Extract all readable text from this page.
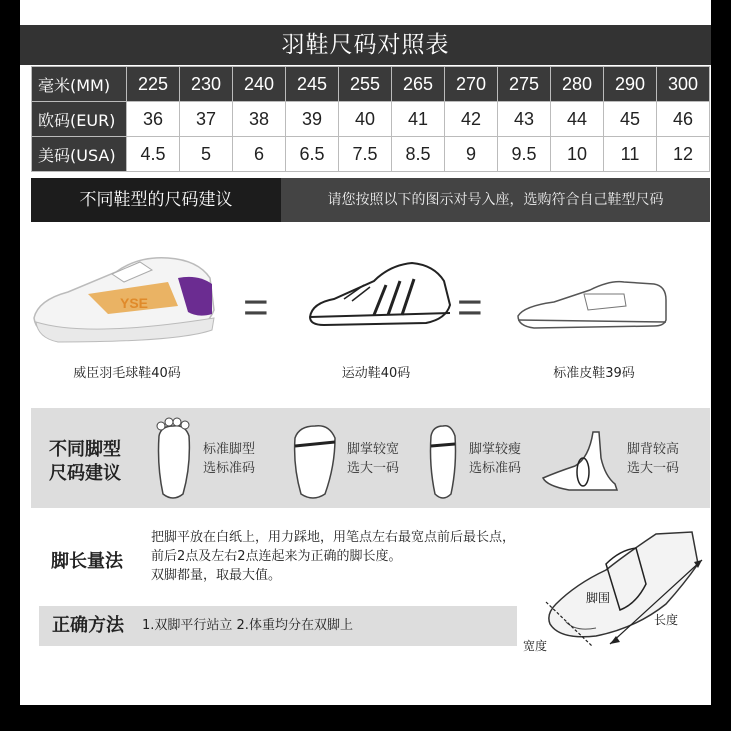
羽鞋尺码对照表
毫米(MM)	225	230	240	245	255	265	270	275	280	290	300
欧码(EUR)	36	37	38	39	40	41	42	43	44	45	46
美码(USA)	4.5	5	6	6.5	7.5	8.5	9	9.5	10	11	12
不同鞋型的尺码建议	请您按照以下的图示对号入座，选购符合自己鞋型尺码
YSE =	=
威臣羽毛球鞋40码	运动鞋40码	标准皮鞋39码
不同脚型
尺码建议
标准脚型
选标准码
脚掌较宽
选大一码
脚掌较瘦
选标准码
脚背较高
选大一码
脚长量法
把脚平放在白纸上，用力踩地，用笔点左右最宽点前后最长点，
前后2点及左右2点连起来为正确的脚长度。
双脚都量，取最大值。
正确方法 1.双脚平行站立 2.体重均分在双脚上
脚围
长度
宽度
